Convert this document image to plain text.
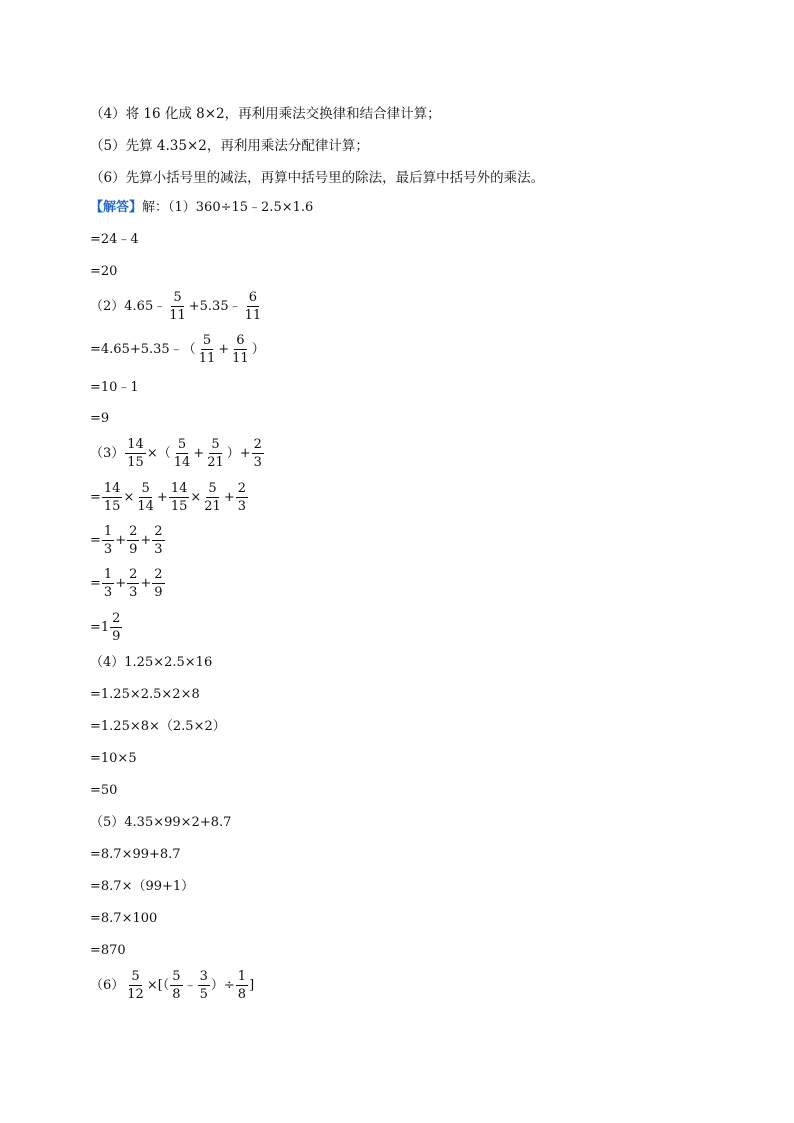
（4）将 16 化成 8×2，再利用乘法交换律和结合律计算；
（5）先算 4.35×2，再利用乘法分配律计算；
（6）先算小括号里的减法，再算中括号里的除法，最后算中括号外的乘法。
【解答】 解：（1）360÷15﹣2.5×1.6
=24﹣4
=20
（2）4.65﹣ $\frac{5}{11}$ +5.35﹣ $\frac{6}{11}$
=4.65+5.35﹣（ $\frac{5}{11} + \frac{6}{11}$ ）
=10﹣1
=9
$(3) \frac{14}{15}$ ×（ $\frac{5}{14} + \frac{5}{21}$ ）+ $\frac{2}{3}$
= $\frac{14}{15} \times \frac{5}{14} + \frac{14}{15} \times \frac{5}{21} + \frac{2}{3}$
= $\frac{1}{3} + \frac{2}{9} + \frac{2}{3}$
= $\frac{1}{3} + \frac{2}{3} + \frac{2}{9}$
$=1 \frac{2}{9}$
（4）1.25×2.5×16
=1.25×2.5×2×8
=1.25×8×（2.5×2）
=10×5
=50
（5）4.35×99×2+8.7
=8.7×99+8.7
=8.7×（99+1）
=8.7×100
=870
$(6) \frac{5}{12}$ ×[（ $\frac{5}{8}$ ﹣ $\frac{3}{5}$ ）÷ $\frac{1}{8}$ ]
